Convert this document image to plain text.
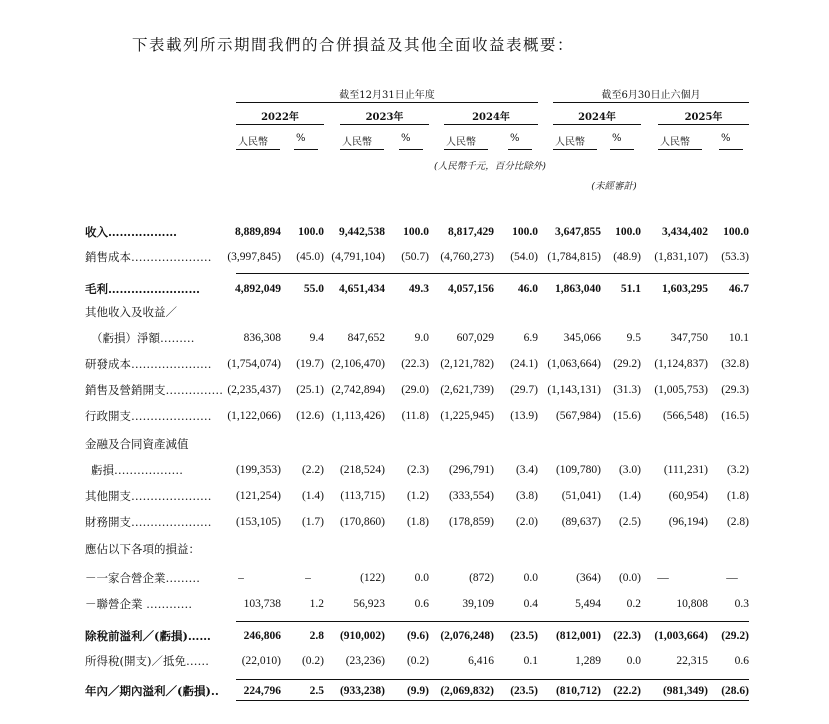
下表載列所示期間我們的合併損益及其他全面收益表概要：
截至12月31日止年度	截至6月30日止六個月
2022年	2023年	2024年	2024年	2025年
人民幣	%	人民幣	%	人民幣	%	人民幣	%	人民幣	%
(人民幣千元，百分比除外)
(未經審計)
收入………………	8,889,894	100.0	9,442,538	100.0	8,817,429	100.0	3,647,855	100.0	3,434,402	100.0
銷售成本…………………	(3,997,845)	(45.0) (4,791,104)	(50.7) (4,760,273)	(54.0) (1,784,815)	(48.9)	(1,831,107)	(53.3)
毛利……………………	4,892,049	55.0	4,651,434	49.3	4,057,156	46.0	1,863,040	51.1	1,603,295	46.7
其他收入及收益／
（虧損）淨額………	836,308	9.4	847,652	9.0	607,029	6.9	345,066	9.5	347,750	10.1
研發成本…………………	(1,754,074)	(19.7) (2,106,470)	(22.3) (2,121,782)	(24.1) (1,063,664)	(29.2)	(1,124,837)	(32.8)
銷售及營銷開支…………… (2,235,437)	(25.1) (2,742,894)	(29.0) (2,621,739)	(29.7) (1,143,131)	(31.3)	(1,005,753)	(29.3)
行政開支…………………	(1,122,066)	(12.6) (1,113,426)	(11.8) (1,225,945)	(13.9)	(567,984)	(15.6)	(566,548)	(16.5)
金融及合同資產減值
虧損………………	(199,353)	(2.2)	(218,524)	(2.3)	(296,791)	(3.4)	(109,780)	(3.0)	(111,231)	(3.2)
其他開支…………………	(121,254)	(1.4)	(113,715)	(1.2)	(333,554)	(3.8)	(51,041)	(1.4)	(60,954)	(1.8)
財務開支…………………	(153,105)	(1.7)	(170,860)	(1.8)	(178,859)	(2.0)	(89,637)	(2.5)	(96,194)	(2.8)
應佔以下各項的損益：
－一家合營企業………	–	–	(122)	0.0	(872)	0.0	(364)	(0.0)	—	—
－聯營企業 …………	103,738	1.2	56,923	0.6	39,109	0.4	5,494	0.2	10,808	0.3
除稅前溢利／(虧損)……	246,806	2.8	(910,002)	(9.6) (2,076,248)	(23.5)	(812,001)	(22.3)	(1,003,664)	(29.2)
所得稅(開支)／抵免……	(22,010)	(0.2)	(23,236)	(0.2)	6,416	0.1	1,289	0.0	22,315	0.6
年內／期內溢利／(虧損)..	224,796	2.5	(933,238)	(9.9) (2,069,832)	(23.5)	(810,712)	(22.2)	(981,349)	(28.6)
